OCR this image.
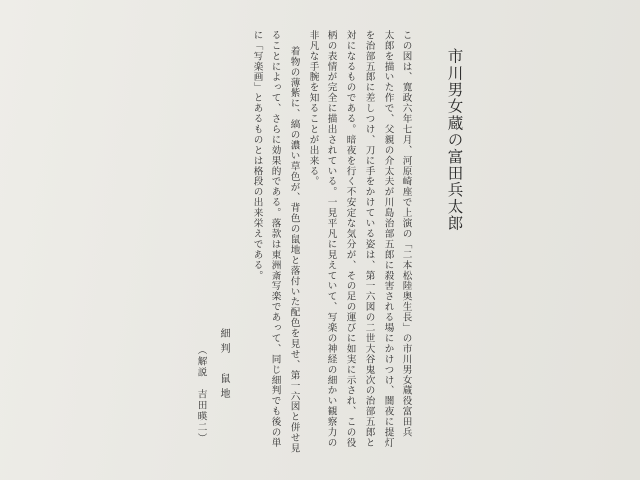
市川男女蔵の富田兵太郎
この図は、寛政六年七月、河原崎座で上演の「二本松陸奥生長」の市川男女蔵役富田兵
太郎を描いた作で、父親の介太夫が川島治部五郎に殺害される場にかけつけ、闇夜に提灯
を治部五郎に差しつけ、刀に手をかけている姿は、第一六図の二世大谷鬼次の治部五郎と
対になるものである。暗夜を行く不安定な気分が、その足の運びに如実に示され、この役
柄の表情が完全に描出されている。一見平凡に見えていて、写楽の神経の細かい観察力の
非凡な手腕を知ることが出来る。
着物の薄紫に、縞の濃い草色が、背色の鼠地と落付いた配色を見せ、第一六図と併せ見
ることによって、さらに効果的である。落款は東洲斎写楽であって、同じ細判でも後の単
に「写楽画」とあるものとは格段の出来栄えである。
細判　鼠地
（解説　吉田暎二）
